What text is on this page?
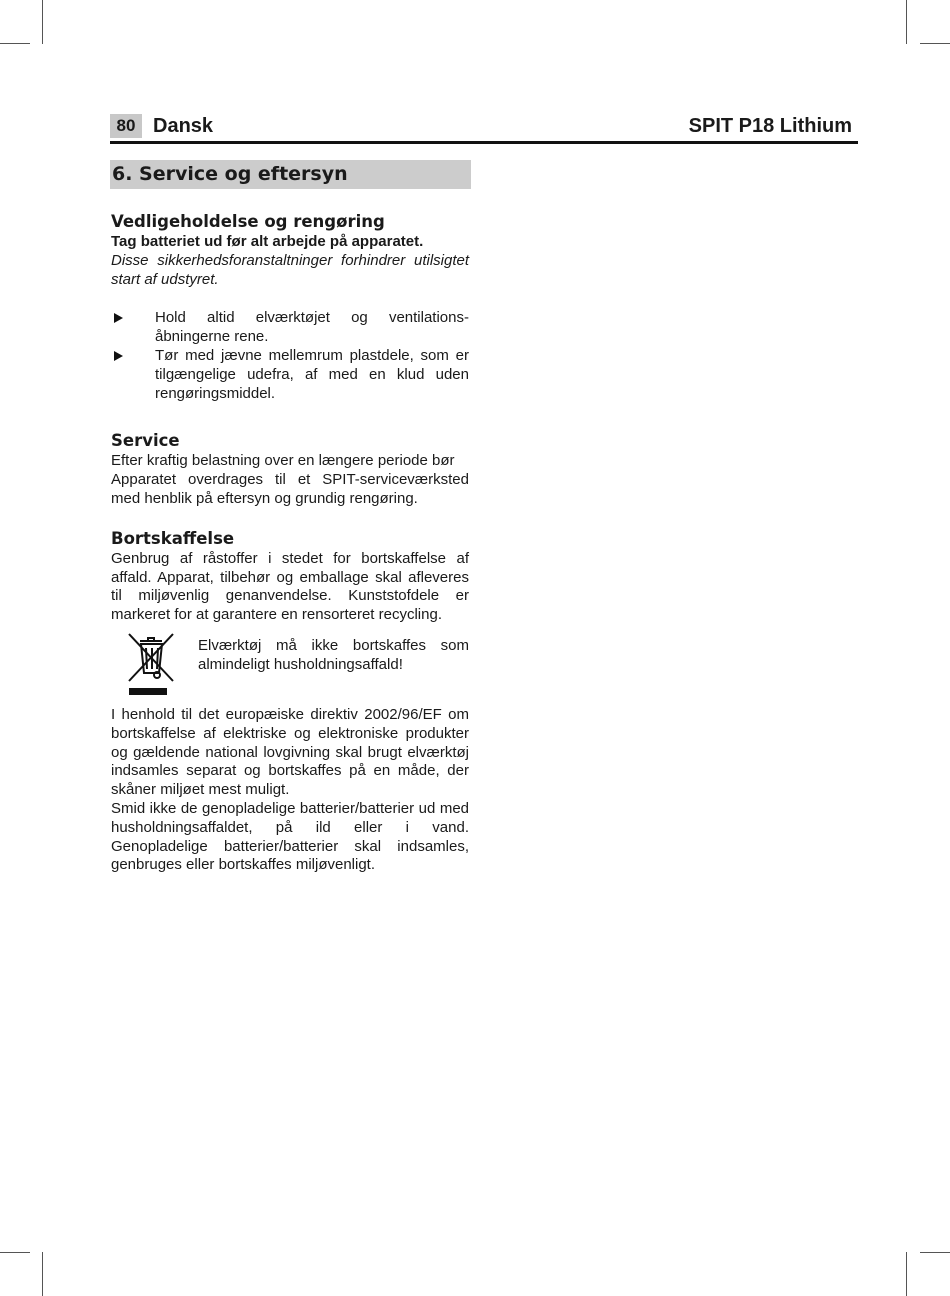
80 Dansk	SPIT P18 Lithium
6. Service og eftersyn
Vedligeholdelse og rengøring

Tag batteriet ud før alt arbejde på apparatet.

Disse sikkerhedsforanstaltninger forhindrer utilsigtet start af udstyret.

Hold altid elværktøjet og ventilations-åbningerne rene.
Tør med jævne mellemrum plastdele, som er tilgængelige udefra, af med en klud uden rengøringsmiddel.
Service

Efter kraftig belastning over en længere periode bør

Apparatet overdrages til et SPIT-serviceværksted med henblik på eftersyn og grundig rengøring.

Bortskaffelse

Genbrug af råstoffer i stedet for bortskaffelse af affald. Apparat, tilbehør og emballage skal afleveres til miljøvenlig genanvendelse. Kunststofdele er markeret for at garantere en rensorteret recycling.

Elværktøj må ikke bortskaffes som almindeligt husholdningsaffald!

I henhold til det europæiske direktiv 2002/96/EF om bortskaffelse af elektriske og elektroniske produkter og gældende national lovgivning skal brugt elværktøj indsamles separat og bortskaffes på en måde, der skåner miljøet mest muligt.

Smid ikke de genopladelige batterier/batterier ud med husholdningsaffaldet, på ild eller i vand. Genopladelige batterier/batterier skal indsamles, genbruges eller bortskaffes miljøvenligt.
